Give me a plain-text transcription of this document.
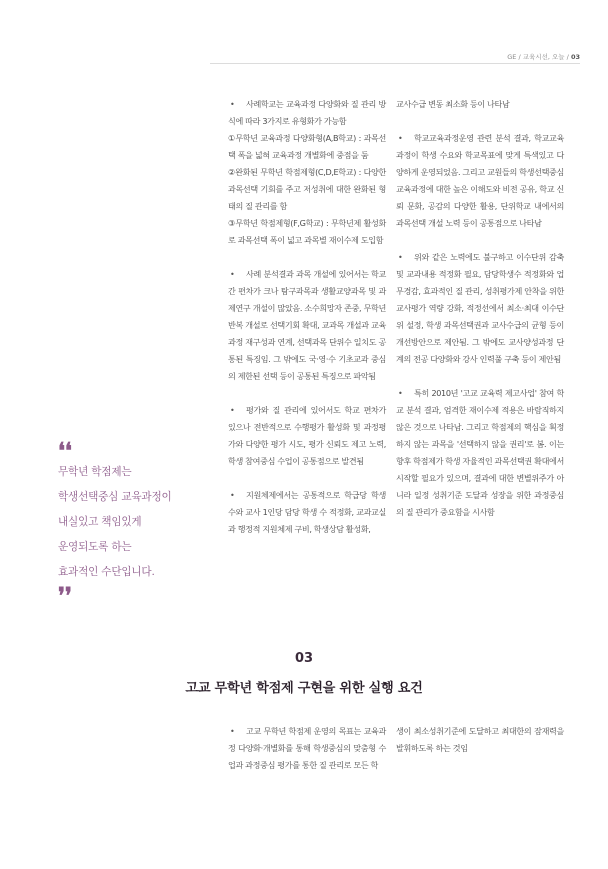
GE / 교육시선, 오늘 / 03

• 사례학교는 교육과정 다양화와 질 관리 방식에 따라 3가지로 유형화가 가능함

①무학년 교육과정 다양화형(A,B학교) : 과목선택 폭을 넓혀 교육과정 개별화에 중점을 둠

②완화된 무학년 학점제형(C,D,E학교) : 다양한 과목선택 기회를 주고 저성취에 대한 완화된 형태의 질 관리를 함

③무학년 학점제형(F,G학교) : 무학년제 활성화로 과목선택 폭이 넓고 과목별 재이수제 도입함

• 사례 분석결과 과목 개설에 있어서는 학교 간 편차가 크나 탐구과목과 생활교양과목 및 과제연구 개설이 많았음. 소수희망자 존중, 무학년 반복 개설로 선택기회 확대, 교과목 개설과 교육과정 재구성과 연계, 선택과목 단위수 일치도 공통된 특징임. 그 밖에도 국·영·수 기초교과 중심의 제한된 선택 등이 공통된 특징으로 파악됨

• 평가와 질 관리에 있어서도 학교 편차가 있으나 전반적으로 수행평가 활성화 및 과정평가와 다양한 평가 시도, 평가 신뢰도 제고 노력, 학생 참여중심 수업이 공통점으로 발견됨

• 지원체제에서는 공통적으로 학급당 학생수와 교사 1인당 담당 학생 수 적정화, 교과교실과 행정적 지원체제 구비, 학생상담 활성화,

교사수급 변동 최소화 등이 나타남

• 학교교육과정운영 관련 분석 결과, 학교교육과정이 학생 수요와 학교목표에 맞게 특색있고 다양하게 운영되었음. 그리고 교원들의 학생선택중심 교육과정에 대한 높은 이해도와 비전 공유, 학교 신뢰 문화, 공감의 다양한 활용, 단위학교 내에서의 과목선택 개설 노력 등이 공통점으로 나타남

• 위와 같은 노력에도 불구하고 이수단위 감축 및 교과내용 적정화 필요, 담당학생수 적정화와 업무경감, 효과적인 질 관리, 성취평가제 안착을 위한 교사평가 역량 강화, 적정선에서 최소·최대 이수단위 설정, 학생 과목선택권과 교사수급의 균형 등이 개선방안으로 제안됨. 그 밖에도 교사양성과정 단계의 전공 다양화와 강사 인력풀 구축 등이 제안됨

• 특히 2010년 '고교 교육력 제고사업' 참여 학교 분석 결과, 엄격한 재이수제 적용은 바람직하지 않은 것으로 나타남. 그리고 학점제의 핵심을 획정하지 않는 과목을 '선택하지 않을 권리'로 봄. 이는 향후 학점제가 학생 자율적인 과목선택권 확대에서 시작할 필요가 있으며, 결과에 대한 변별위주가 아니라 일정 성취기준 도달과 성장을 위한 과정중심의 질 관리가 중요함을 시사함

❛❛
무학년 학점제는
학생선택중심 교육과정이
내실있고 책임있게
운영되도록 하는
효과적인 수단입니다.
❜❜
03
고교 무학년 학점제 구현을 위한 실행 요건

• 고교 무학년 학점제 운영의 목표는 교육과정 다양화·개별화를 통해 학생중심의 맞춤형 수업과 과정중심 평가를 통한 질 관리로 모든 학

생이 최소성취기준에 도달하고 최대한의 잠재력을 발휘하도록 하는 것임
